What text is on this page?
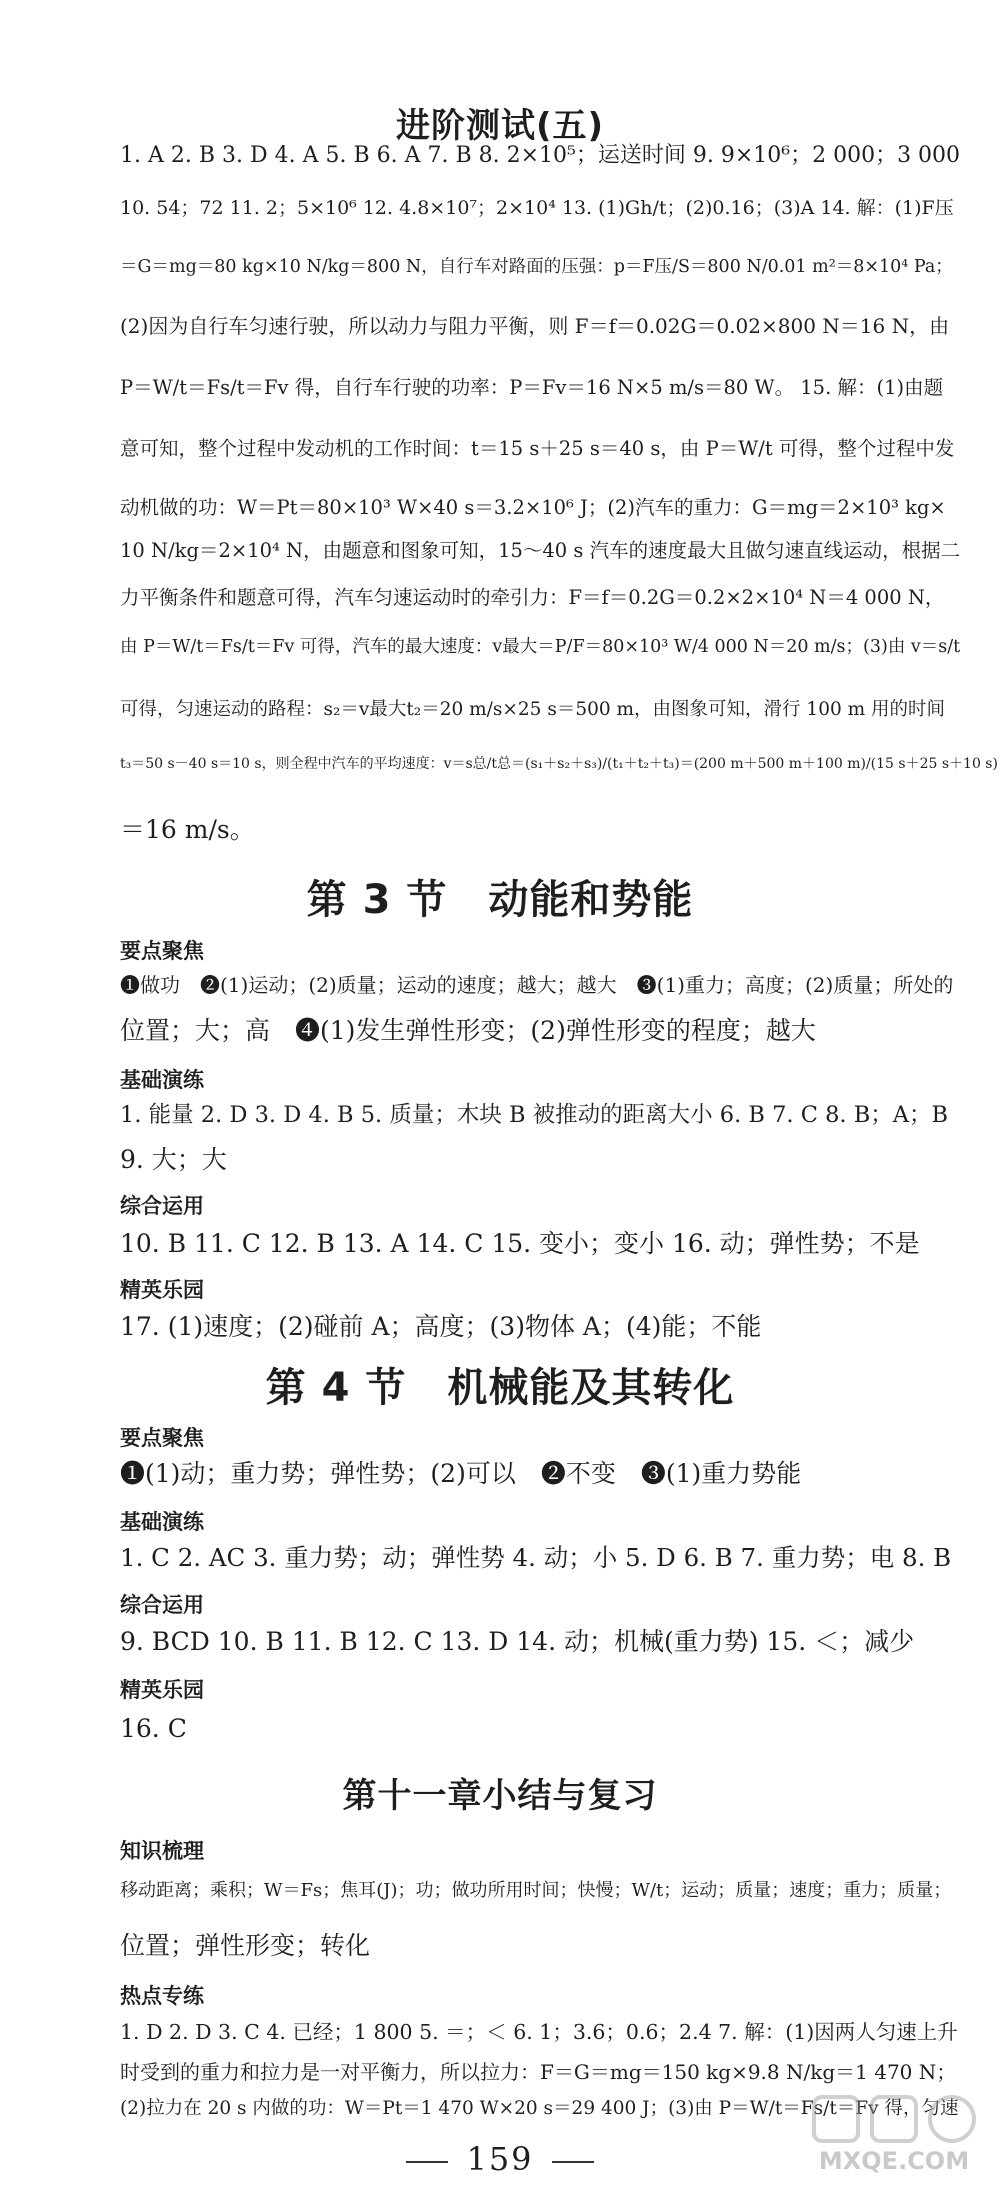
进阶测试(五)
1. A 2. B 3. D 4. A 5. B 6. A 7. B 8. 2×10⁵；运送时间 9. 9×10⁶；2 000；3 000
10. 54；72 11. 2；5×10⁶ 12. 4.8×10⁷；2×10⁴ 13. (1)Gh/t；(2)0.16；(3)A 14. 解：(1)F压
＝G＝mg＝80 kg×10 N/kg＝800 N，自行车对路面的压强：p＝F压/S＝800 N/0.01 m²＝8×10⁴ Pa；
(2)因为自行车匀速行驶，所以动力与阻力平衡，则 F＝f＝0.02G＝0.02×800 N＝16 N，由
P＝W/t＝Fs/t＝Fv 得，自行车行驶的功率：P＝Fv＝16 N×5 m/s＝80 W。 15. 解：(1)由题
意可知，整个过程中发动机的工作时间：t＝15 s＋25 s＝40 s，由 P＝W/t 可得，整个过程中发
动机做的功：W＝Pt＝80×10³ W×40 s＝3.2×10⁶ J；(2)汽车的重力：G＝mg＝2×10³ kg×
10 N/kg＝2×10⁴ N，由题意和图象可知，15～40 s 汽车的速度最大且做匀速直线运动，根据二
力平衡条件和题意可得，汽车匀速运动时的牵引力：F＝f＝0.2G＝0.2×2×10⁴ N＝4 000 N，
由 P＝W/t＝Fs/t＝Fv 可得，汽车的最大速度：v最大＝P/F＝80×10³ W/4 000 N＝20 m/s；(3)由 v＝s/t
可得，匀速运动的路程：s₂＝v最大t₂＝20 m/s×25 s＝500 m，由图象可知，滑行 100 m 用的时间
t₃＝50 s－40 s＝10 s，则全程中汽车的平均速度：v＝s总/t总＝(s₁＋s₂＋s₃)/(t₁＋t₂＋t₃)＝(200 m＋500 m＋100 m)/(15 s＋25 s＋10 s)
＝16 m/s。
第 3 节　动能和势能
要点聚焦
❶做功　❷(1)运动；(2)质量；运动的速度；越大；越大　❸(1)重力；高度；(2)质量；所处的
位置；大；高　❹(1)发生弹性形变；(2)弹性形变的程度；越大
基础演练
1. 能量 2. D 3. D 4. B 5. 质量；木块 B 被推动的距离大小 6. B 7. C 8. B；A；B
9. 大；大
综合运用
10. B 11. C 12. B 13. A 14. C 15. 变小；变小 16. 动；弹性势；不是
精英乐园
17. (1)速度；(2)碰前 A；高度；(3)物体 A；(4)能；不能
第 4 节　机械能及其转化
要点聚焦
❶(1)动；重力势；弹性势；(2)可以　❷不变　❸(1)重力势能
基础演练
1. C 2. AC 3. 重力势；动；弹性势 4. 动；小 5. D 6. B 7. 重力势；电 8. B
综合运用
9. BCD 10. B 11. B 12. C 13. D 14. 动；机械(重力势) 15. ＜；减少
精英乐园
16. C
第十一章小结与复习
知识梳理
移动距离；乘积；W＝Fs；焦耳(J)；功；做功所用时间；快慢；W/t；运动；质量；速度；重力；质量；
位置；弹性形变；转化
热点专练
1. D 2. D 3. C 4. 已经；1 800 5. ＝；＜ 6. 1；3.6；0.6；2.4 7. 解：(1)因两人匀速上升
时受到的重力和拉力是一对平衡力，所以拉力：F＝G＝mg＝150 kg×9.8 N/kg＝1 470 N；
(2)拉力在 20 s 内做的功：W＝Pt＝1 470 W×20 s＝29 400 J；(3)由 P＝W/t＝Fs/t＝Fv 得，匀速
159	MXQE.COM
